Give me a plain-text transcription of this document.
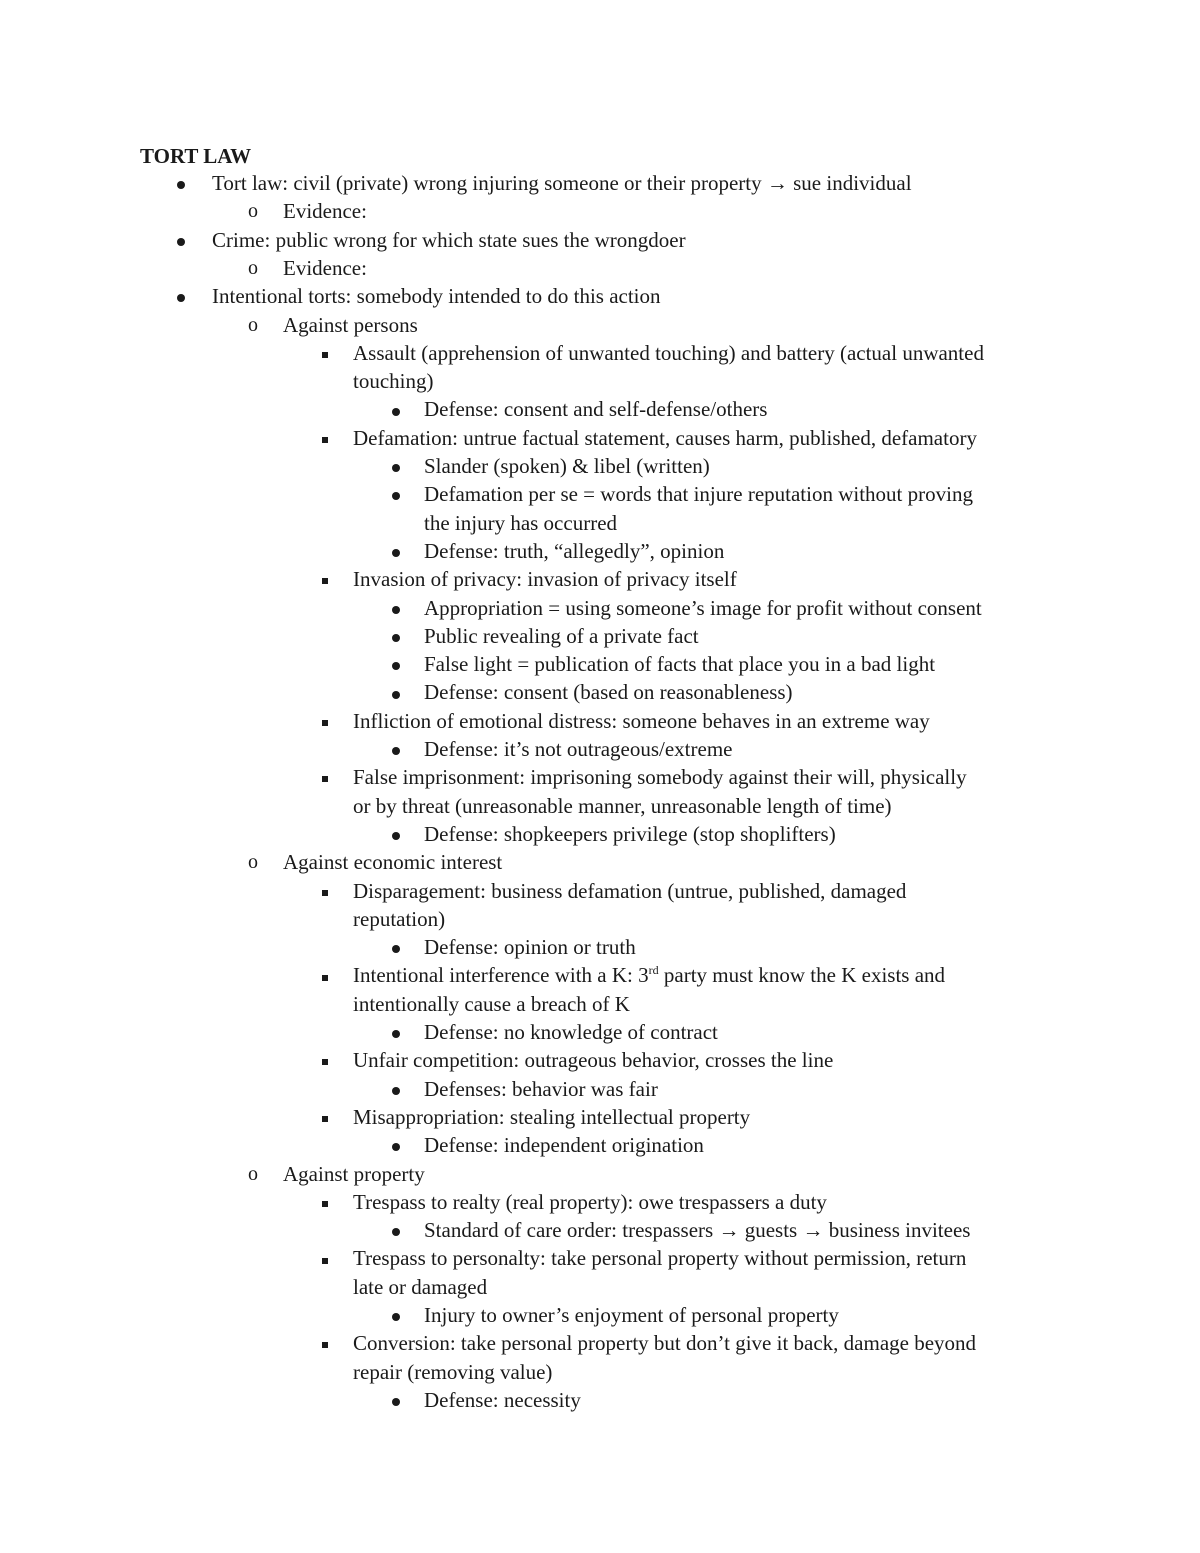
TORT LAW
Tort law: civil (private) wrong injuring someone or their property → sue individual
o Evidence:
Crime: public wrong for which state sues the wrongdoer
o Evidence:
Intentional torts: somebody intended to do this action
o Against persons
Assault (apprehension of unwanted touching) and battery (actual unwanted
touching)
Defense: consent and self-defense/others
Defamation: untrue factual statement, causes harm, published, defamatory
Slander (spoken) & libel (written)
Defamation per se = words that injure reputation without proving
the injury has occurred
Defense: truth, “allegedly”, opinion
Invasion of privacy: invasion of privacy itself
Appropriation = using someone’s image for profit without consent
Public revealing of a private fact
False light = publication of facts that place you in a bad light
Defense: consent (based on reasonableness)
Infliction of emotional distress: someone behaves in an extreme way
Defense: it’s not outrageous/extreme
False imprisonment: imprisoning somebody against their will, physically
or by threat (unreasonable manner, unreasonable length of time)
Defense: shopkeepers privilege (stop shoplifters)
o Against economic interest
Disparagement: business defamation (untrue, published, damaged
reputation)
Defense: opinion or truth
Intentional interference with a K: 3rd party must know the K exists and
intentionally cause a breach of K
Defense: no knowledge of contract
Unfair competition: outrageous behavior, crosses the line
Defenses: behavior was fair
Misappropriation: stealing intellectual property
Defense: independent origination
o Against property
Trespass to realty (real property): owe trespassers a duty
Standard of care order: trespassers → guests → business invitees
Trespass to personalty: take personal property without permission, return
late or damaged
Injury to owner’s enjoyment of personal property
Conversion: take personal property but don’t give it back, damage beyond
repair (removing value)
Defense: necessity
